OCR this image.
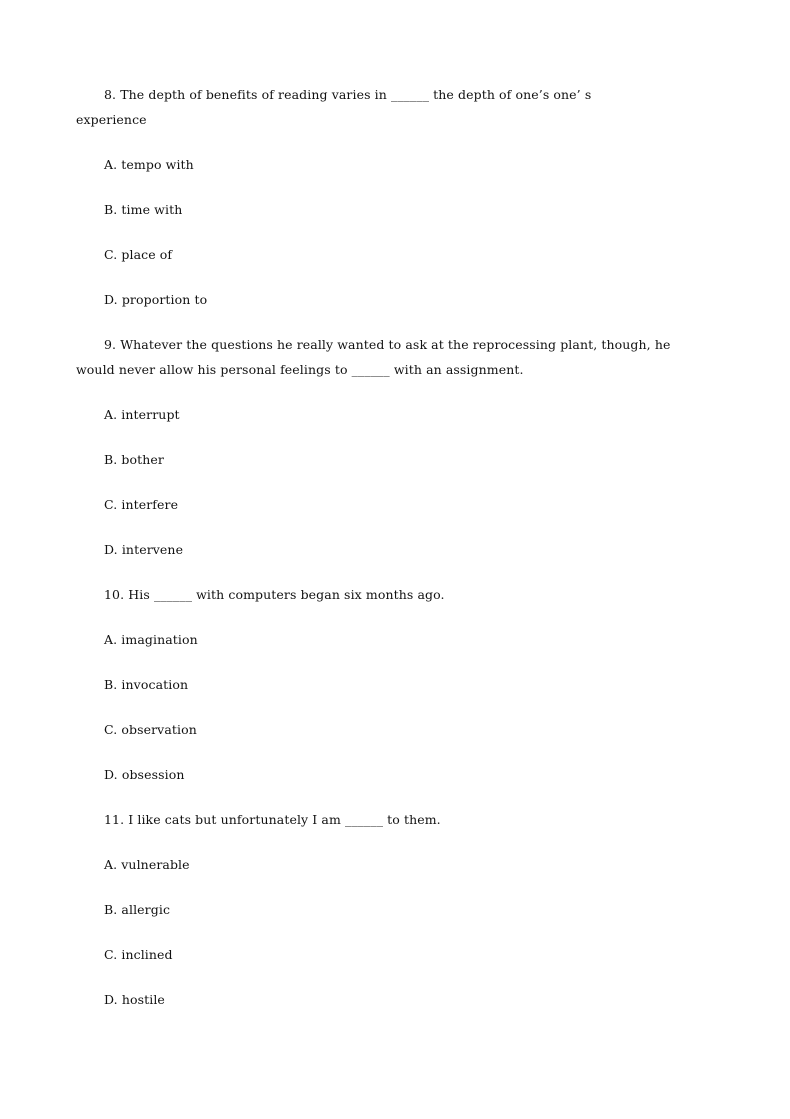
8. The depth of benefits of reading varies in ______ the depth of one’s one’ s
experience
A. tempo with
B. time with
C. place of
D. proportion to
9. Whatever the questions he really wanted to ask at the reprocessing plant, though, he
would never allow his personal feelings to ______ with an assignment.
A. interrupt
B. bother
C. interfere
D. intervene
10. His ______ with computers began six months ago.
A. imagination
B. invocation
C. observation
D. obsession
11. I like cats but unfortunately I am ______ to them.
A. vulnerable
B. allergic
C. inclined
D. hostile
